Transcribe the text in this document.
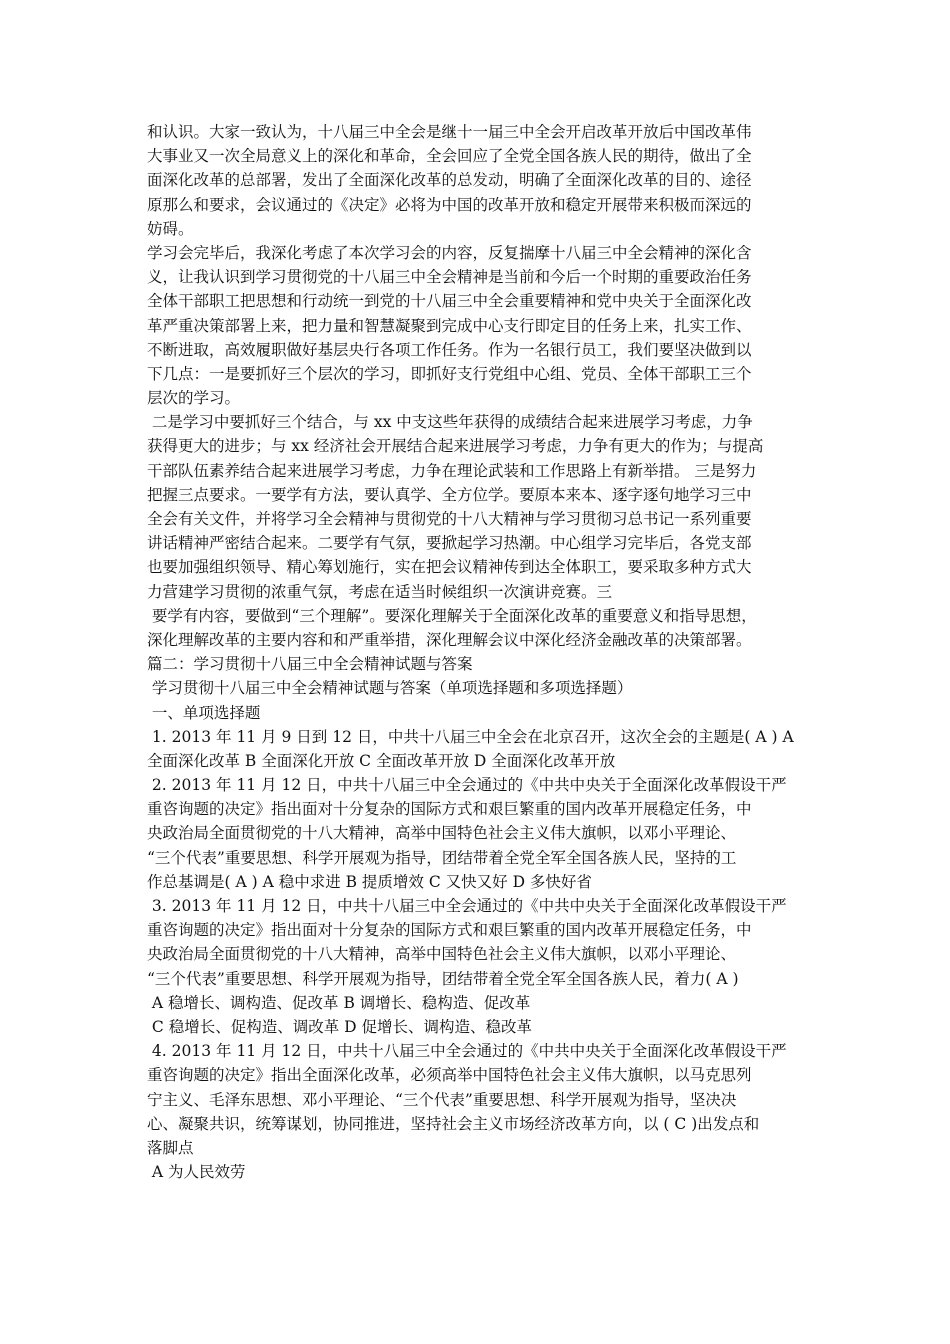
和认识。大家一致认为，十八届三中全会是继十一届三中全会开启改革开放后中国改革伟
大事业又一次全局意义上的深化和革命，全会回应了全党全国各族人民的期待，做出了全
面深化改革的总部署，发出了全面深化改革的总发动，明确了全面深化改革的目的、途径
原那么和要求，会议通过的《决定》必将为中国的改革开放和稳定开展带来积极而深远的
妨碍。
学习会完毕后，我深化考虑了本次学习会的内容，反复揣摩十八届三中全会精神的深化含
义，让我认识到学习贯彻党的十八届三中全会精神是当前和今后一个时期的重要政治任务
全体干部职工把思想和行动统一到党的十八届三中全会重要精神和党中央关于全面深化改
革严重决策部署上来，把力量和智慧凝聚到完成中心支行即定目的任务上来，扎实工作、
不断进取，高效履职做好基层央行各项工作任务。作为一名银行员工，我们要坚决做到以
下几点：一是要抓好三个层次的学习，即抓好支行党组中心组、党员、全体干部职工三个
层次的学习。
二是学习中要抓好三个结合，与 xx 中支这些年获得的成绩结合起来进展学习考虑，力争
获得更大的进步；与 xx 经济社会开展结合起来进展学习考虑，力争有更大的作为；与提高
干部队伍素养结合起来进展学习考虑，力争在理论武装和工作思路上有新举措。 三是努力
把握三点要求。一要学有方法，要认真学、全方位学。要原本来本、逐字逐句地学习三中
全会有关文件，并将学习全会精神与贯彻党的十八大精神与学习贯彻习总书记一系列重要
讲话精神严密结合起来。二要学有气氛，要掀起学习热潮。中心组学习完毕后，各党支部
也要加强组织领导、精心筹划施行，实在把会议精神传到达全体职工，要采取多种方式大
力营建学习贯彻的浓重气氛，考虑在适当时候组织一次演讲竞赛。三
要学有内容，要做到“三个理解”。要深化理解关于全面深化改革的重要意义和指导思想，
深化理解改革的主要内容和和严重举措，深化理解会议中深化经济金融改革的决策部署。
篇二：学习贯彻十八届三中全会精神试题与答案
学习贯彻十八届三中全会精神试题与答案（单项选择题和多项选择题）
一、单项选择题
1. 2013 年 11 月 9 日到 12 日，中共十八届三中全会在北京召开，这次全会的主题是( A ) A
全面深化改革 B 全面深化开放 C 全面改革开放 D 全面深化改革开放
2. 2013 年 11 月 12 日，中共十八届三中全会通过的《中共中央关于全面深化改革假设干严
重咨询题的决定》指出面对十分复杂的国际方式和艰巨繁重的国内改革开展稳定任务，中
央政治局全面贯彻党的十八大精神，高举中国特色社会主义伟大旗帜，以邓小平理论、
“三个代表”重要思想、科学开展观为指导，团结带着全党全军全国各族人民，坚持的工
作总基调是( A ) A 稳中求进 B 提质增效 C 又快又好 D 多快好省
3. 2013 年 11 月 12 日，中共十八届三中全会通过的《中共中央关于全面深化改革假设干严
重咨询题的决定》指出面对十分复杂的国际方式和艰巨繁重的国内改革开展稳定任务，中
央政治局全面贯彻党的十八大精神，高举中国特色社会主义伟大旗帜，以邓小平理论、
“三个代表”重要思想、科学开展观为指导，团结带着全党全军全国各族人民，着力( A )
A 稳增长、调构造、促改革 B 调增长、稳构造、促改革
C 稳增长、促构造、调改革 D 促增长、调构造、稳改革
4. 2013 年 11 月 12 日，中共十八届三中全会通过的《中共中央关于全面深化改革假设干严
重咨询题的决定》指出全面深化改革，必须高举中国特色社会主义伟大旗帜，以马克思列
宁主义、毛泽东思想、邓小平理论、“三个代表”重要思想、科学开展观为指导，坚决决
心、凝聚共识，统筹谋划，协同推进，坚持社会主义市场经济改革方向，以 ( C )出发点和
落脚点
A 为人民效劳
